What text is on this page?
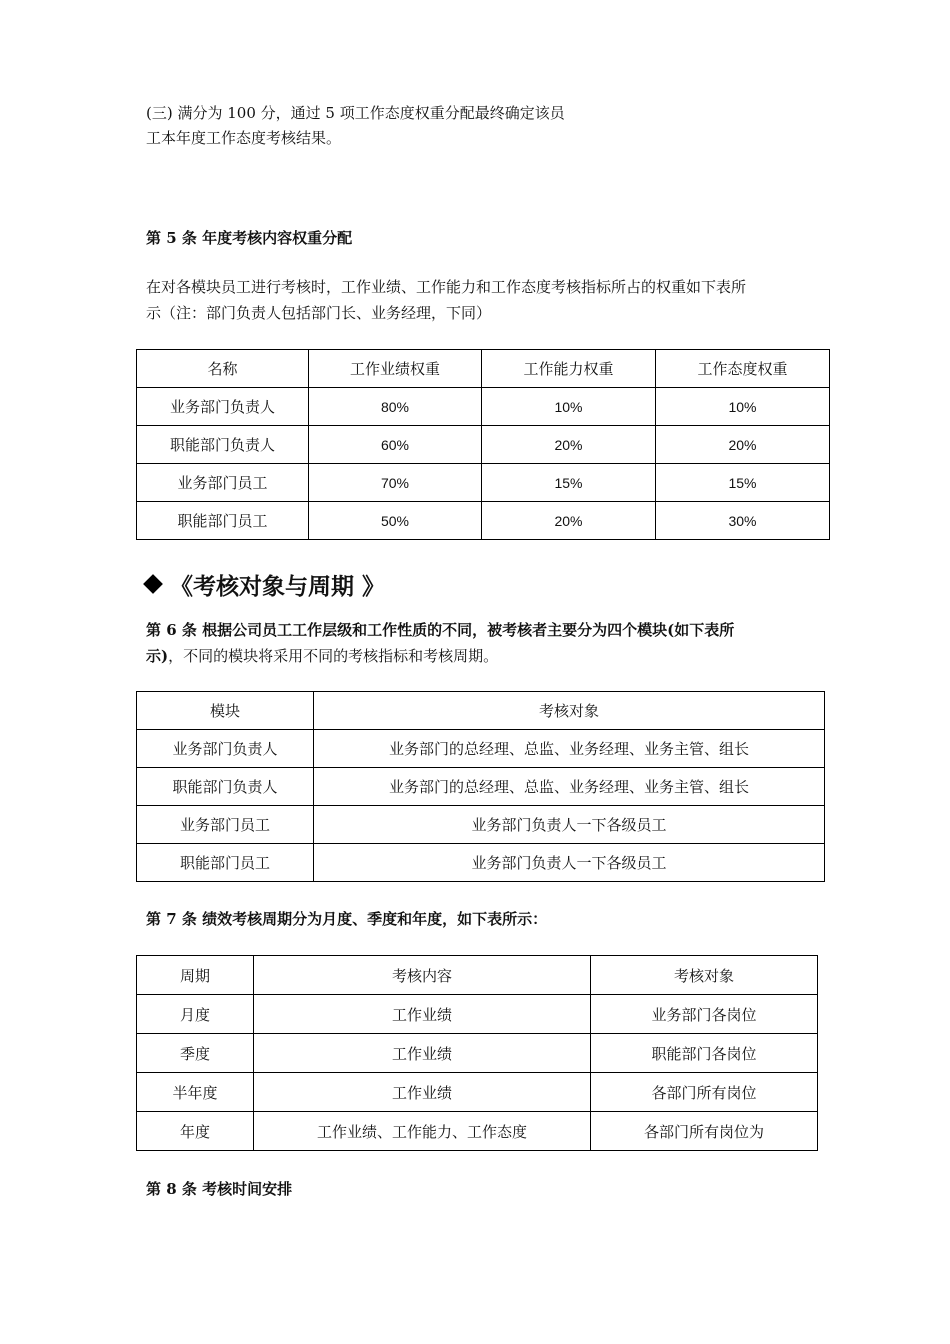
(三) 满分为 100 分，通过 5 项工作态度权重分配最终确定该员
工本年度工作态度考核结果。
第 5 条 年度考核内容权重分配
在对各模块员工进行考核时，工作业绩、工作能力和工作态度考核指标所占的权重如下表所
示（注：部门负责人包括部门长、业务经理，下同）
名称	工作业绩权重	工作能力权重	工作态度权重
业务部门负责人	80%	10%	10%
职能部门负责人	60%	20%	20%
业务部门员工	70%	15%	15%
职能部门员工	50%	20%	30%
《考核对象与周期 》
第 6 条 根据公司员工工作层级和工作性质的不同，被考核者主要分为四个模块(如下表所
示)，不同的模块将采用不同的考核指标和考核周期。
模块	考核对象
业务部门负责人	业务部门的总经理、总监、业务经理、业务主管、组长
职能部门负责人	业务部门的总经理、总监、业务经理、业务主管、组长
业务部门员工	业务部门负责人一下各级员工
职能部门员工	业务部门负责人一下各级员工
第 7 条 绩效考核周期分为月度、季度和年度，如下表所示：
周期	考核内容	考核对象
月度	工作业绩	业务部门各岗位
季度	工作业绩	职能部门各岗位
半年度	工作业绩	各部门所有岗位
年度	工作业绩、工作能力、工作态度	各部门所有岗位为
第 8 条 考核时间安排
